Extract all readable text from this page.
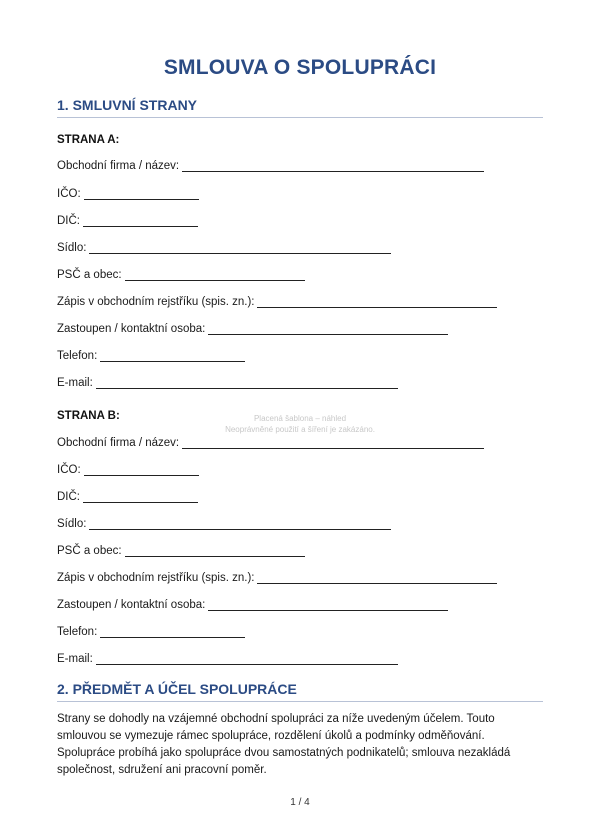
SMLOUVA O SPOLUPRÁCI
1. SMLUVNÍ STRANY
STRANA A:
Obchodní firma / název:
IČO:
DIČ:
Sídlo:
PSČ a obec:
Zápis v obchodním rejstříku (spis. zn.):
Zastoupen / kontaktní osoba:
Telefon:
E-mail:
STRANA B:	Placená šablona – náhled
Neoprávněné použití a šíření je zakázáno.
Obchodní firma / název:
IČO:
DIČ:
Sídlo:
PSČ a obec:
Zápis v obchodním rejstříku (spis. zn.):
Zastoupen / kontaktní osoba:
Telefon:
E-mail:
2. PŘEDMĚT A ÚČEL SPOLUPRÁCE
Strany se dohodly na vzájemné obchodní spolupráci za níže uvedeným účelem. Touto smlouvou se vymezuje rámec spolupráce, rozdělení úkolů a podmínky odměňování. Spolupráce probíhá jako spolupráce dvou samostatných podnikatelů; smlouva nezakládá společnost, sdružení ani pracovní poměr.
1 / 4
